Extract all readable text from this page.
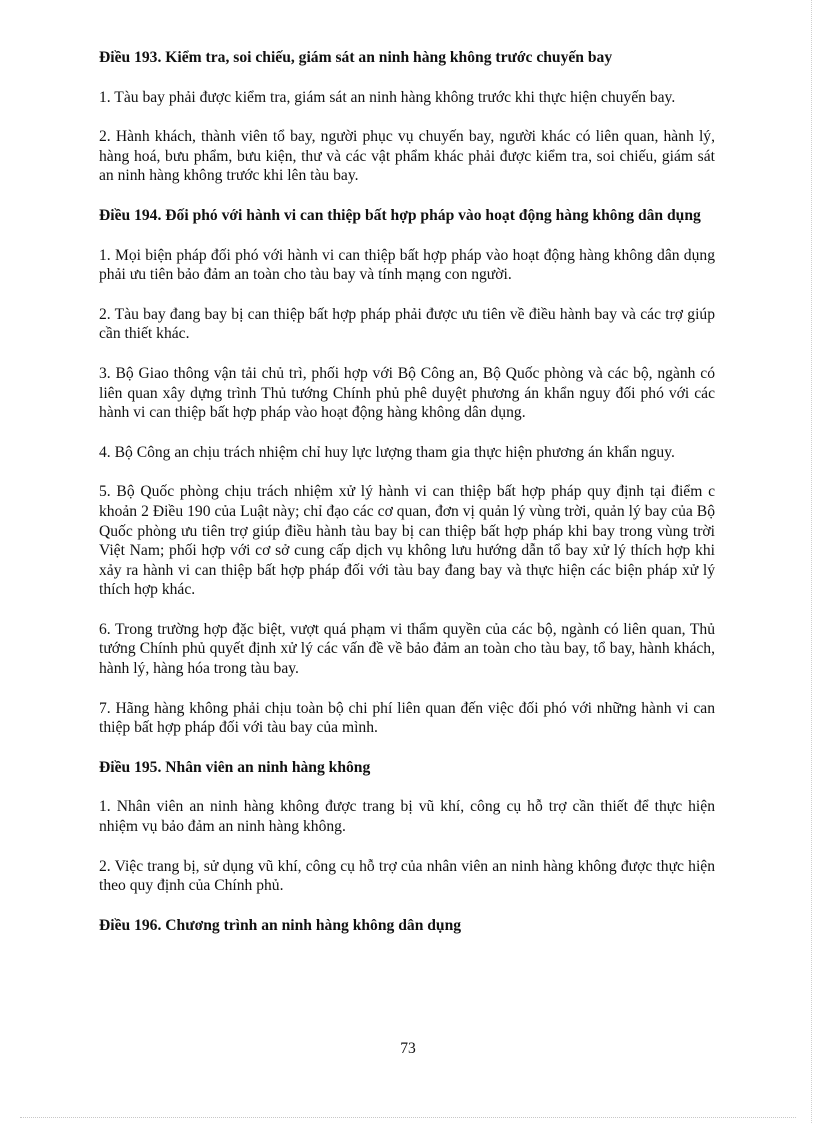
Điều 193. Kiểm tra, soi chiếu, giám sát an ninh hàng không trước chuyến bay

1. Tàu bay phải được kiểm tra, giám sát an ninh hàng không trước khi thực hiện chuyến bay.

2. Hành khách, thành viên tổ bay, người phục vụ chuyến bay, người khác có liên quan, hành lý, hàng hoá, bưu phẩm, bưu kiện, thư và các vật phẩm khác phải được kiểm tra, soi chiếu, giám sát an ninh hàng không trước khi lên tàu bay.

Điều 194. Đối phó với hành vi can thiệp bất hợp pháp vào hoạt động hàng không dân dụng

1. Mọi biện pháp đối phó với hành vi can thiệp bất hợp pháp vào hoạt động hàng không dân dụng phải ưu tiên bảo đảm an toàn cho tàu bay và tính mạng con người.

2. Tàu bay đang bay bị can thiệp bất hợp pháp phải được ưu tiên về điều hành bay và các trợ giúp cần thiết khác.

3. Bộ Giao thông vận tải chủ trì, phối hợp với Bộ Công an, Bộ Quốc phòng và các bộ, ngành có liên quan xây dựng trình Thủ tướng Chính phủ phê duyệt phương án khẩn nguy đối phó với các hành vi can thiệp bất hợp pháp vào hoạt động hàng không dân dụng.

4. Bộ Công an chịu trách nhiệm chỉ huy lực lượng tham gia thực hiện phương án khẩn nguy.

5. Bộ Quốc phòng chịu trách nhiệm xử lý hành vi can thiệp bất hợp pháp quy định tại điểm c khoản 2 Điều 190 của Luật này; chỉ đạo các cơ quan, đơn vị quản lý vùng trời, quản lý bay của Bộ Quốc phòng ưu tiên trợ giúp điều hành tàu bay bị can thiệp bất hợp pháp khi bay trong vùng trời Việt Nam; phối hợp với cơ sở cung cấp dịch vụ không lưu hướng dẫn tổ bay xử lý thích hợp khi xảy ra hành vi can thiệp bất hợp pháp đối với tàu bay đang bay và thực hiện các biện pháp xử lý thích hợp khác.

6. Trong trường hợp đặc biệt, vượt quá phạm vi thẩm quyền của các bộ, ngành có liên quan, Thủ tướng Chính phủ quyết định xử lý các vấn đề về bảo đảm an toàn cho tàu bay, tổ bay, hành khách, hành lý, hàng hóa trong tàu bay.

7. Hãng hàng không phải chịu toàn bộ chi phí liên quan đến việc đối phó với những hành vi can thiệp bất hợp pháp đối với tàu bay của mình.

Điều 195. Nhân viên an ninh hàng không

1. Nhân viên an ninh hàng không được trang bị vũ khí, công cụ hỗ trợ cần thiết để thực hiện nhiệm vụ bảo đảm an ninh hàng không.

2. Việc trang bị, sử dụng vũ khí, công cụ hỗ trợ của nhân viên an ninh hàng không được thực hiện theo quy định của Chính phủ.

Điều 196. Chương trình an ninh hàng không dân dụng

73
